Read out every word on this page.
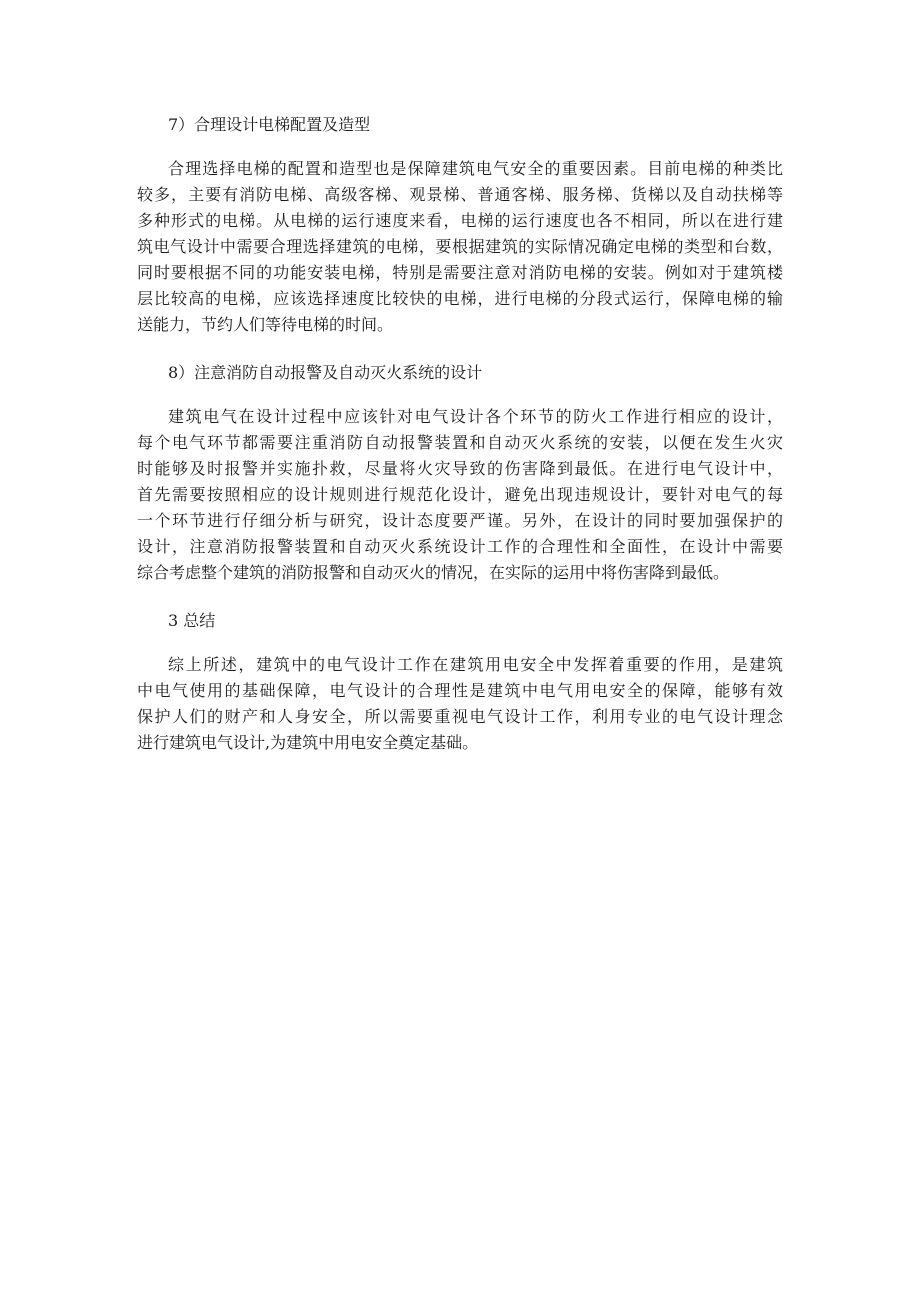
7）合理设计电梯配置及造型

合理选择电梯的配置和造型也是保障建筑电气安全的重要因素。目前电梯的种类比
较多，主要有消防电梯、高级客梯、观景梯、普通客梯、服务梯、货梯以及自动扶梯等
多种形式的电梯。从电梯的运行速度来看，电梯的运行速度也各不相同，所以在进行建
筑电气设计中需要合理选择建筑的电梯，要根据建筑的实际情况确定电梯的类型和台数，
同时要根据不同的功能安装电梯，特别是需要注意对消防电梯的安装。例如对于建筑楼
层比较高的电梯，应该选择速度比较快的电梯，进行电梯的分段式运行，保障电梯的输
送能力，节约人们等待电梯的时间。

8）注意消防自动报警及自动灭火系统的设计

建筑电气在设计过程中应该针对电气设计各个环节的防火工作进行相应的设计，
每个电气环节都需要注重消防自动报警装置和自动灭火系统的安装，以便在发生火灾
时能够及时报警并实施扑救，尽量将火灾导致的伤害降到最低。在进行电气设计中，
首先需要按照相应的设计规则进行规范化设计，避免出现违规设计，要针对电气的每
一个环节进行仔细分析与研究，设计态度要严谨。另外，在设计的同时要加强保护的
设计，注意消防报警装置和自动灭火系统设计工作的合理性和全面性，在设计中需要
综合考虑整个建筑的消防报警和自动灭火的情况，在实际的运用中将伤害降到最低。

3 总结

综上所述，建筑中的电气设计工作在建筑用电安全中发挥着重要的作用，是建筑
中电气使用的基础保障，电气设计的合理性是建筑中电气用电安全的保障，能够有效
保护人们的财产和人身安全，所以需要重视电气设计工作，利用专业的电气设计理念
进行建筑电气设计,为建筑中用电安全奠定基础。
